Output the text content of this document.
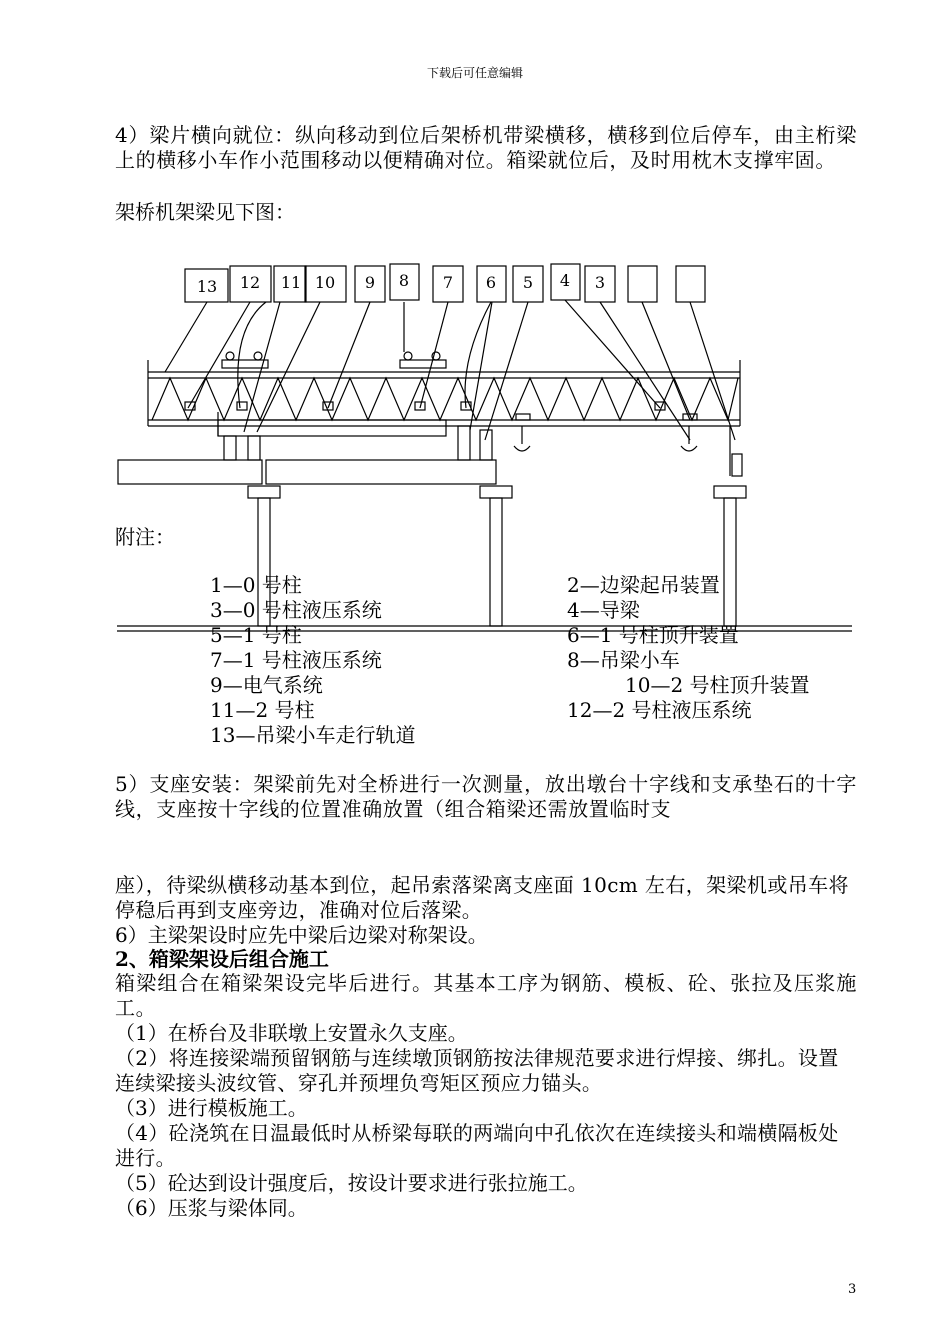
下载后可任意编辑
4）梁片横向就位：纵向移动到位后架桥机带梁横移，横移到位后停车，由主桁梁上的横移小车作小范围移动以便精确对位。箱梁就位后，及时用枕木支撑牢固。
架桥机架梁见下图：
13 12 11 10 9 8 7 6 5 4 3
附注：
1—0 号柱	2—边梁起吊装置
3—0 号柱液压系统	4—导梁
5—1 号柱	6—1 号柱顶升装置
7—1 号柱液压系统	8—吊梁小车
9—电气系统	10—2 号柱顶升装置
11—2 号柱	12—2 号柱液压系统
13—吊梁小车走行轨道
5）支座安装：架梁前先对全桥进行一次测量，放出墩台十字线和支承垫石的十字线，支座按十字线的位置准确放置（组合箱梁还需放置临时支
座），待梁纵横移动基本到位，起吊索落梁离支座面 10cm 左右，架梁机或吊车将停稳后再到支座旁边，准确对位后落梁。
6）主梁架设时应先中梁后边梁对称架设。
2、箱梁架设后组合施工
箱梁组合在箱梁架设完毕后进行。其基本工序为钢筋、模板、砼、张拉及压浆施工。
（1）在桥台及非联墩上安置永久支座。
（2）将连接梁端预留钢筋与连续墩顶钢筋按法律规范要求进行焊接、绑扎。设置连续梁接头波纹管、穿孔并预埋负弯矩区预应力锚头。
（3）进行模板施工。
（4）砼浇筑在日温最低时从桥梁每联的两端向中孔依次在连续接头和端横隔板处进行。
（5）砼达到设计强度后，按设计要求进行张拉施工。
（6）压浆与梁体同。
3
